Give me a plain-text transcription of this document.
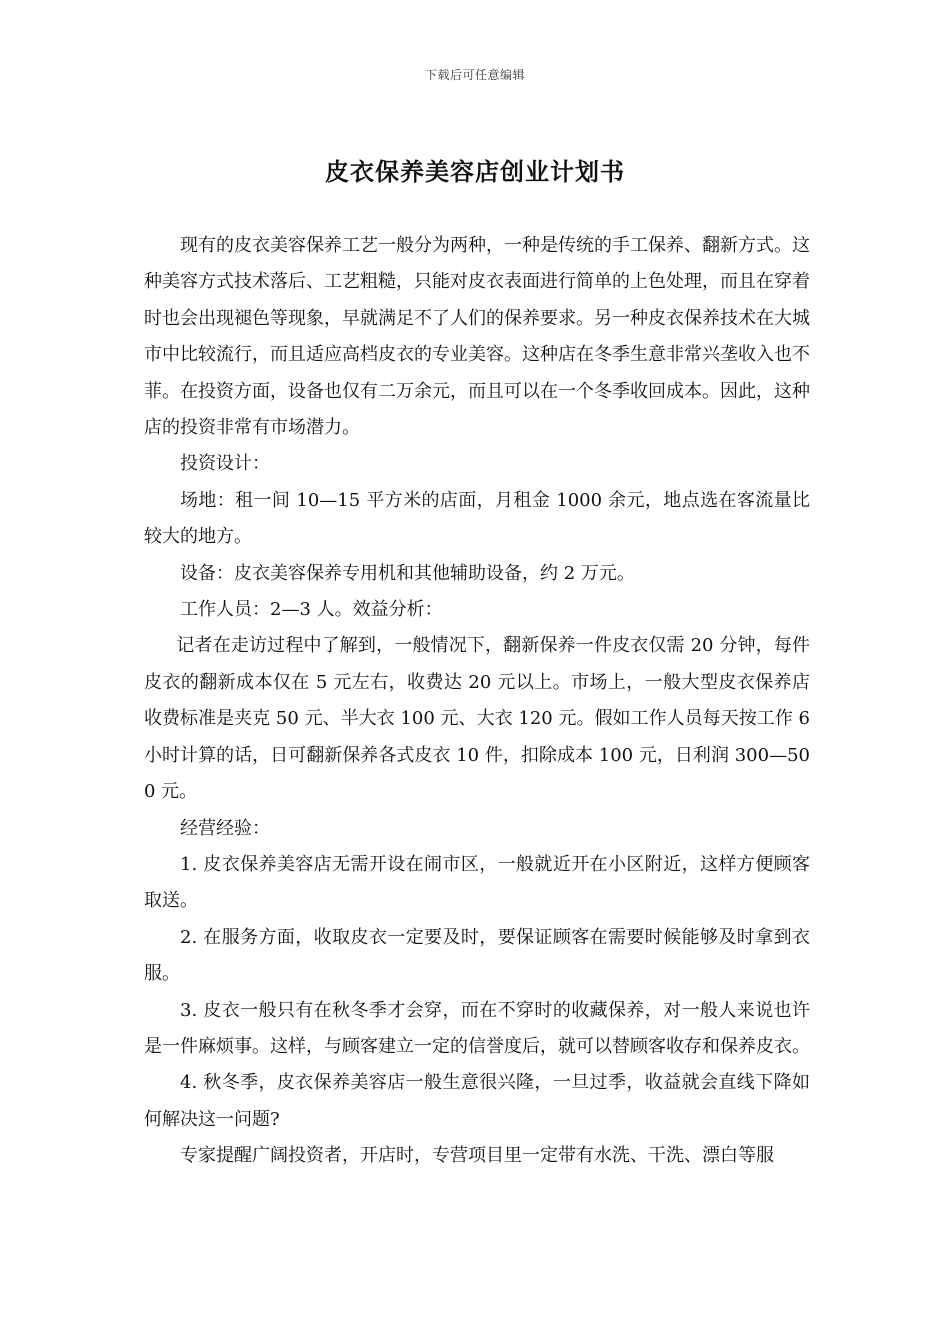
下载后可任意编辑
皮衣保养美容店创业计划书

现有的皮衣美容保养工艺一般分为两种，一种是传统的手工保养、翻新方式。这种美容方式技术落后、工艺粗糙，只能对皮衣表面进行简单的上色处理，而且在穿着时也会出现褪色等现象，早就满足不了人们的保养要求。另一种皮衣保养技术在大城市中比较流行，而且适应高档皮衣的专业美容。这种店在冬季生意非常兴垄收入也不菲。在投资方面，设备也仅有二万余元，而且可以在一个冬季收回成本。因此，这种店的投资非常有市场潜力。

投资设计：

场地：租一间 10—15 平方米的店面，月租金 1000 余元，地点选在客流量比较大的地方。

设备：皮衣美容保养专用机和其他辅助设备，约 2 万元。

工作人员：2—3 人。效益分析：

记者在走访过程中了解到，一般情况下，翻新保养一件皮衣仅需 20 分钟，每件皮衣的翻新成本仅在 5 元左右，收费达 20 元以上。市场上，一般大型皮衣保养店收费标准是夹克 50 元、半大衣 100 元、大衣 120 元。假如工作人员每天按工作 6 小时计算的话，日可翻新保养各式皮衣 10 件，扣除成本 100 元，日利润 300—500 元。

经营经验：

1. 皮衣保养美容店无需开设在闹市区，一般就近开在小区附近，这样方便顾客取送。

2. 在服务方面，收取皮衣一定要及时，要保证顾客在需要时候能够及时拿到衣服。

3. 皮衣一般只有在秋冬季才会穿，而在不穿时的收藏保养，对一般人来说也许是一件麻烦事。这样，与顾客建立一定的信誉度后，就可以替顾客收存和保养皮衣。

4. 秋冬季，皮衣保养美容店一般生意很兴隆，一旦过季，收益就会直线下降如何解决这一问题?

专家提醒广阔投资者，开店时，专营项目里一定带有水洗、干洗、漂白等服
